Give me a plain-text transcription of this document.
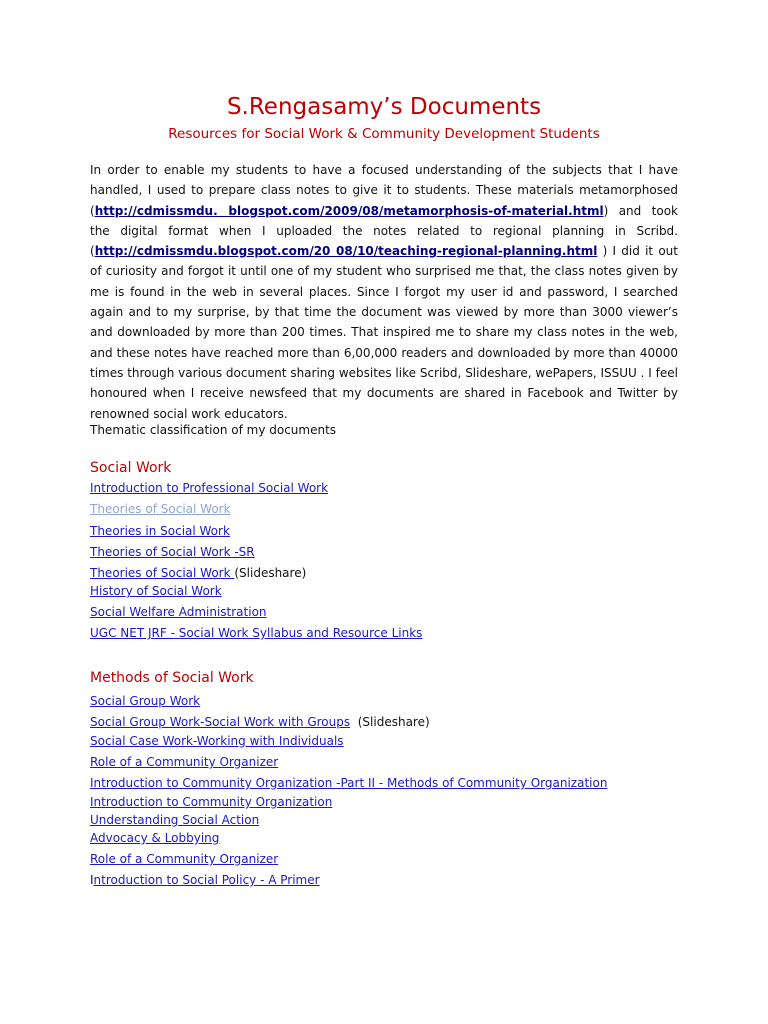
S.Rengasamy’s Documents
Resources for Social Work & Community Development Students

In order to enable my students to have a focused understanding of the subjects that I have handled, I used to prepare class notes to give it to students. These materials metamorphosed (http://cdmissmdu. blogspot.com/2009/08/metamorphosis-of-material.html) and took the digital format when I uploaded the notes related to regional planning in Scribd. (http://cdmissmdu.blogspot.com/20 08/10/teaching-regional-planning.html ) I did it out of curiosity and forgot it until one of my student who surprised me that, the class notes given by me is found in the web in several places. Since I forgot my user id and password, I searched again and to my surprise, by that time the document was viewed by more than 3000 viewer’s and downloaded by more than 200 times. That inspired me to share my class notes in the web, and these notes have reached more than 6,00,000 readers and downloaded by more than 40000 times through various document sharing websites like Scribd, Slideshare, wePapers, ISSUU . I feel honoured when I receive newsfeed that my documents are shared in Facebook and Twitter by renowned social work educators.

Thematic classification of my documents
Social Work
Introduction to Professional Social Work
Theories of Social Work
Theories in Social Work
Theories of Social Work -SR
Theories of Social Work (Slideshare)
History of Social Work
Social Welfare Administration
UGC NET JRF - Social Work Syllabus and Resource Links
Methods of Social Work
Social Group Work
Social Group Work-Social Work with Groups  (Slideshare)
Social Case Work-Working with Individuals
Role of a Community Organizer
Introduction to Community Organization -Part II - Methods of Community Organization
Introduction to Community Organization
Understanding Social Action
Advocacy & Lobbying
Role of a Community Organizer
Introduction to Social Policy - A Primer
